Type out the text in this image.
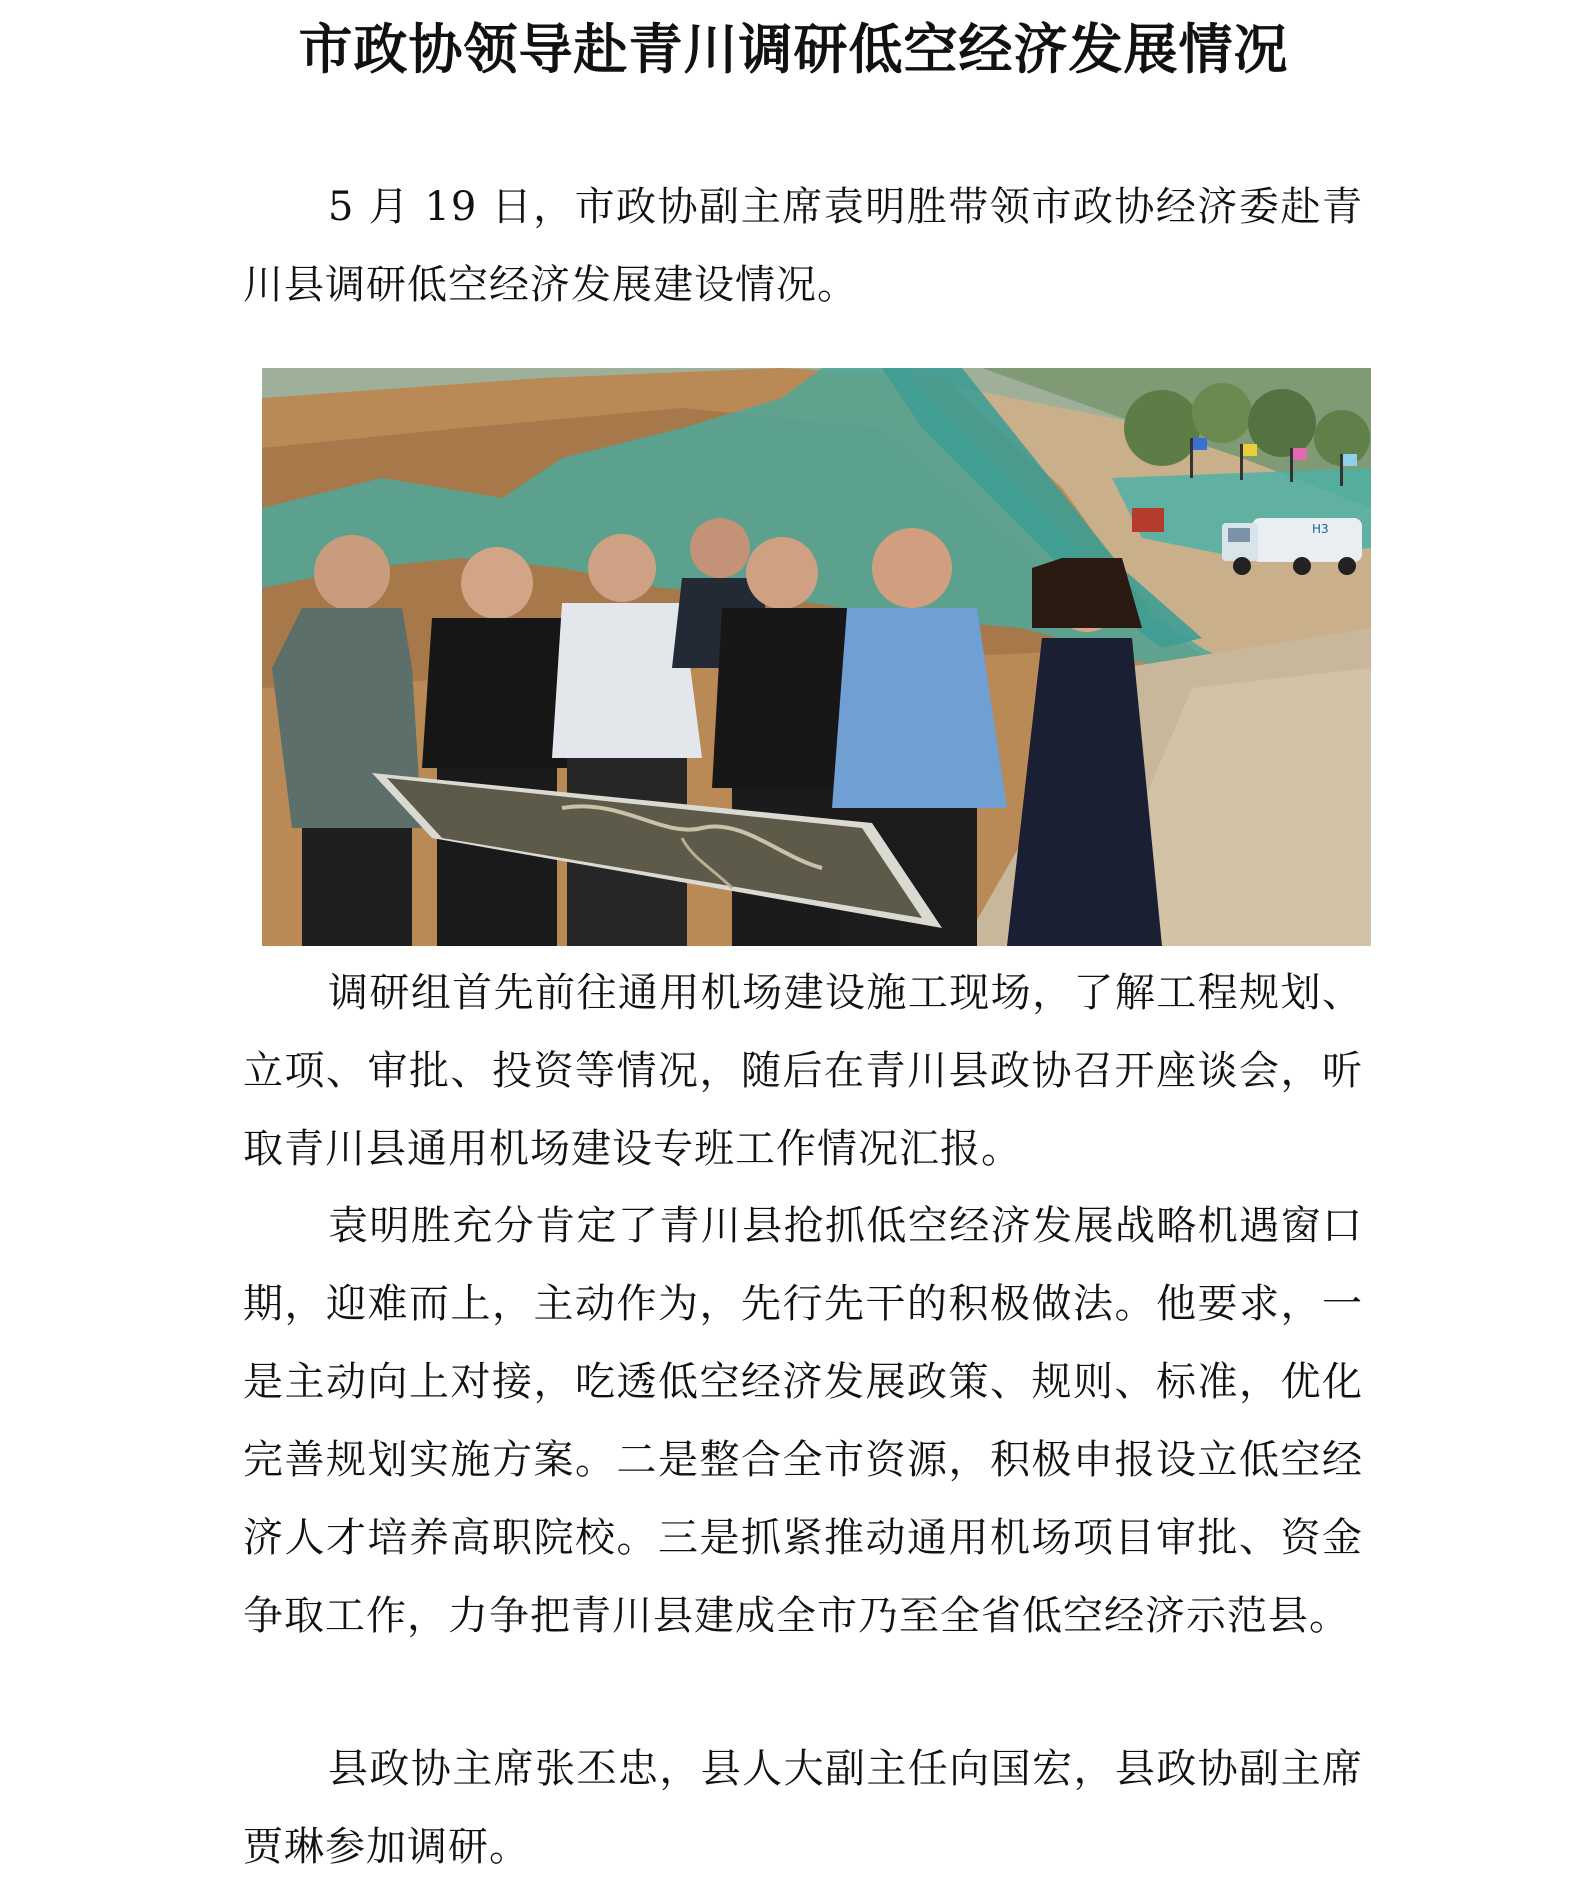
市政协领导赴青川调研低空经济发展情况

5 月 19 日，市政协副主席袁明胜带领市政协经济委赴青川县调研低空经济发展建设情况。

H3

调研组首先前往通用机场建设施工现场，了解工程规划、立项、审批、投资等情况，随后在青川县政协召开座谈会，听取青川县通用机场建设专班工作情况汇报。

袁明胜充分肯定了青川县抢抓低空经济发展战略机遇窗口期，迎难而上，主动作为，先行先干的积极做法。他要求，一是主动向上对接，吃透低空经济发展政策、规则、标准，优化完善规划实施方案。二是整合全市资源，积极申报设立低空经济人才培养高职院校。三是抓紧推动通用机场项目审批、资金争取工作，力争把青川县建成全市乃至全省低空经济示范县。

县政协主席张丕忠，县人大副主任向国宏，县政协副主席贾琳参加调研。
